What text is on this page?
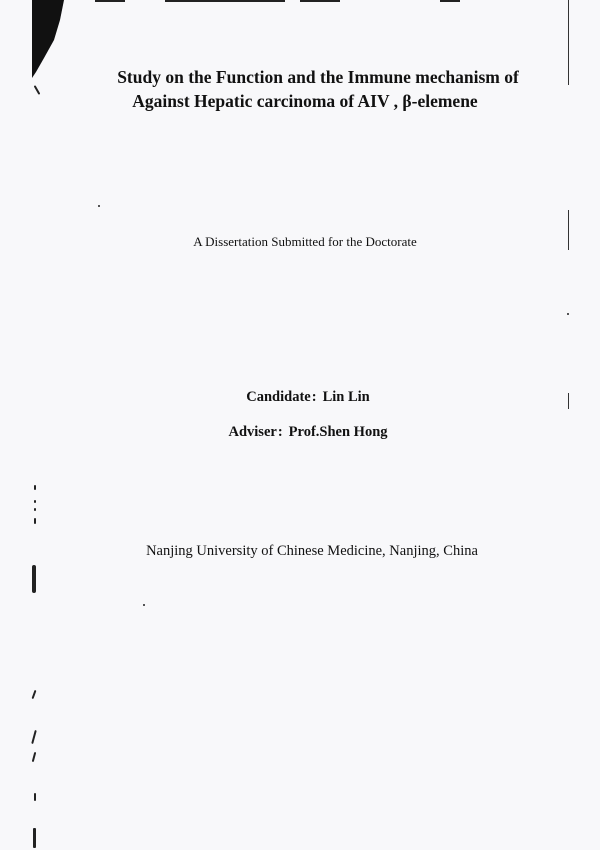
Study on the Function and the Immune mechanism of
Against Hepatic carcinoma of AIV , β-elemene
A Dissertation Submitted for the Doctorate
Candidate: Lin Lin
Adviser: Prof.Shen Hong
Nanjing University of Chinese Medicine, Nanjing, China
